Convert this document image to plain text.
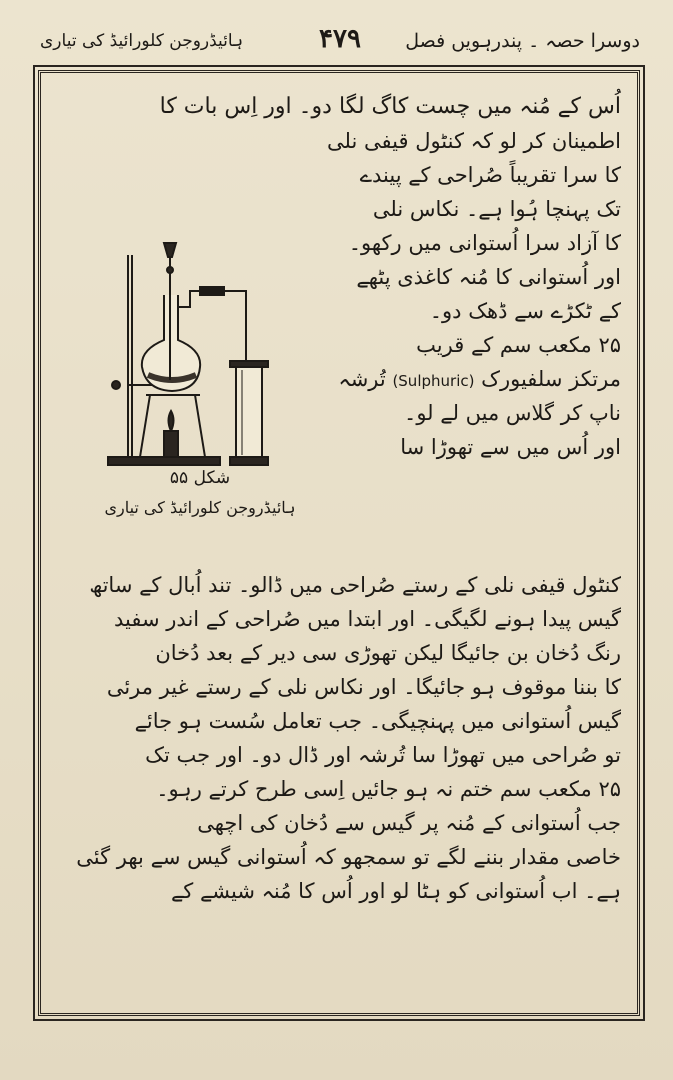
دوسرا حصہ ۔ پندرہویں فصل
۴۷۹
ہائیڈروجن کلورائیڈ کی تیاری
اُس کے مُنہ میں چست کاگ لگا دو۔ اور اِس بات کا
اطمینان کر لو کہ کنٹول قیفی نلی
کا سرا تقریباً صُراحی کے پیندے
تک پہنچا ہُوا ہے۔ نکاس نلی
کا آزاد سرا اُستوانی میں رکھو۔
اور اُستوانی کا مُنہ کاغذی پٹھے
کے ٹکڑے سے ڈھک دو۔
۲۵ مکعب سم کے قریب
مرتکز سلفیورک (Sulphuric) تُرشہ
ناپ کر گلاس میں لے لو۔
اور اُس میں سے تھوڑا سا
شکل ۵۵
ہائیڈروجن کلورائیڈ کی تیاری
کنٹول قیفی نلی کے رستے صُراحی میں ڈالو۔ تند اُبال کے ساتھ
گیس پیدا ہونے لگیگی۔ اور ابتدا میں صُراحی کے اندر سفید
رنگ دُخان بن جائیگا لیکن تھوڑی سی دیر کے بعد دُخان
کا بننا موقوف ہو جائیگا۔ اور نکاس نلی کے رستے غیر مرئی
گیس اُستوانی میں پہنچیگی۔ جب تعامل سُست ہو جائے
تو صُراحی میں تھوڑا سا تُرشہ اور ڈال دو۔ اور جب تک
۲۵ مکعب سم ختم نہ ہو جائیں اِسی طرح کرتے رہو۔
جب اُستوانی کے مُنہ پر گیس سے دُخان کی اچھی
خاصی مقدار بننے لگے تو سمجھو کہ اُستوانی گیس سے بھر گئی
ہے۔ اب اُستوانی کو ہٹا لو اور اُس کا مُنہ شیشے کے
